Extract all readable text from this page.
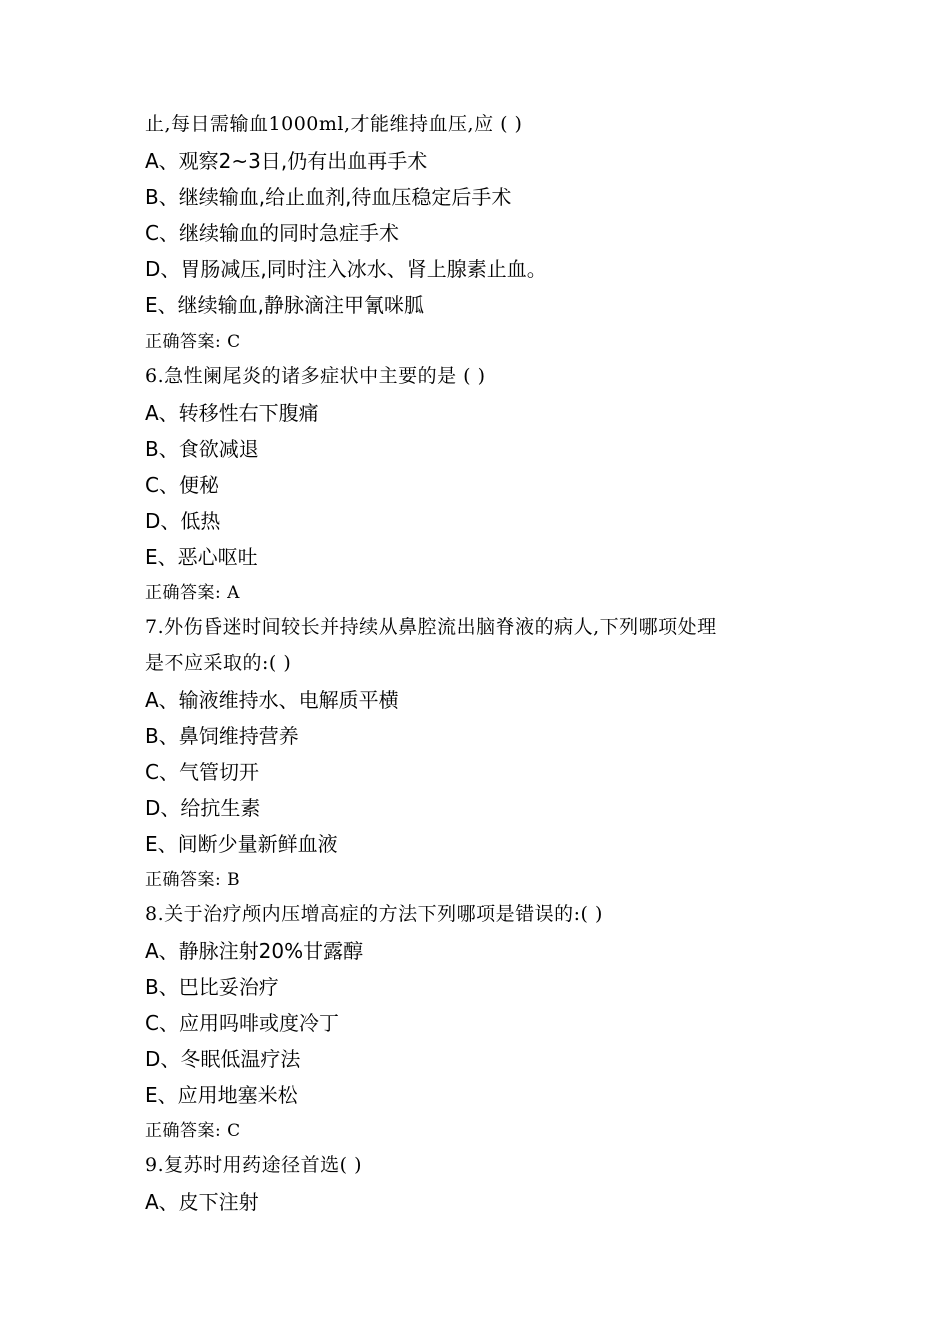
止,每日需输血1000ml,才能维持血压,应 ( )
A、观察2~3日,仍有出血再手术
B、继续输血,给止血剂,待血压稳定后手术
C、继续输血的同时急症手术
D、胃肠减压,同时注入冰水、肾上腺素止血。
E、继续输血,静脉滴注甲氰咪胍
正确答案: C
6.急性阑尾炎的诸多症状中主要的是 ( )
A、转移性右下腹痛
B、食欲减退
C、便秘
D、低热
E、恶心呕吐
正确答案: A
7.外伤昏迷时间较长并持续从鼻腔流出脑脊液的病人,下列哪项处理
是不应采取的:( )
A、输液维持水、电解质平横
B、鼻饲维持营养
C、气管切开
D、给抗生素
E、间断少量新鲜血液
正确答案: B
8.关于治疗颅内压增高症的方法下列哪项是错误的:( )
A、静脉注射20%甘露醇
B、巴比妥治疗
C、应用吗啡或度冷丁
D、冬眠低温疗法
E、应用地塞米松
正确答案: C
9.复苏时用药途径首选( )
A、皮下注射
